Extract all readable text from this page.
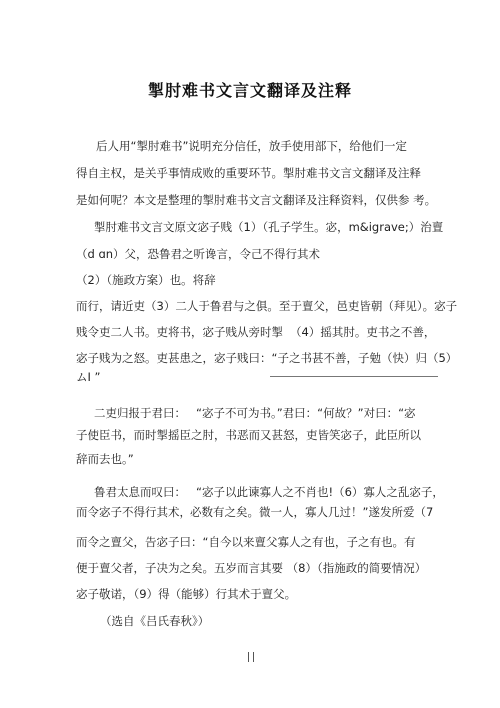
掣肘难书文言文翻译及注释
后人用“掣肘难书”说明充分信任，放手使用部下，给他们一定
得自主权，是关乎事情成败的重要环节。掣肘难书文言文翻译及注释
是如何呢？本文是整理的掣肘难书文言文翻译及注释资料，仅供参 考。
掣肘难书文言文原文宓子贱（1）（孔子学生。宓，m&igrave;）治亶
（d ɑn）父，恐鲁君之听谗言，令己不得行其术
（2）（施政方案）也。将辞
而行，请近吏（3）二人于鲁君与之俱。至于亶父，邑吏皆朝（拜见）。宓子
贱令吏二人书。吏将书，宓子贱从旁时掣 （4）摇其肘。吏书之不善，
宓子贱为之怒。吏甚患之，宓子贱曰：“子之书甚不善，子勉（快）归（5）
ムI ”
二吏归报于君曰： “宓子不可为书。”君曰：“何故？”对曰：“宓
子使臣书，而时掣摇臣之肘，书恶而又甚怒，吏皆笑宓子，此臣所以
辞而去也。”
鲁君太息而叹曰： “宓子以此谏寡人之不肖也!（6）寡人之乱宓子，
而令宓子不得行其术， 必数有之矣。微一人，寡人几过！”遂发所爱（7
而令之亶父，告宓子曰：“自今以来亶父寡人之有也，子之有也。有
便于亶父者，子决为之矣。五岁而言其要 （8）（指施政的简要情况）
宓子敬诺，（9）得（能够）行其术于亶父。
（选自《吕氏春秋》）
